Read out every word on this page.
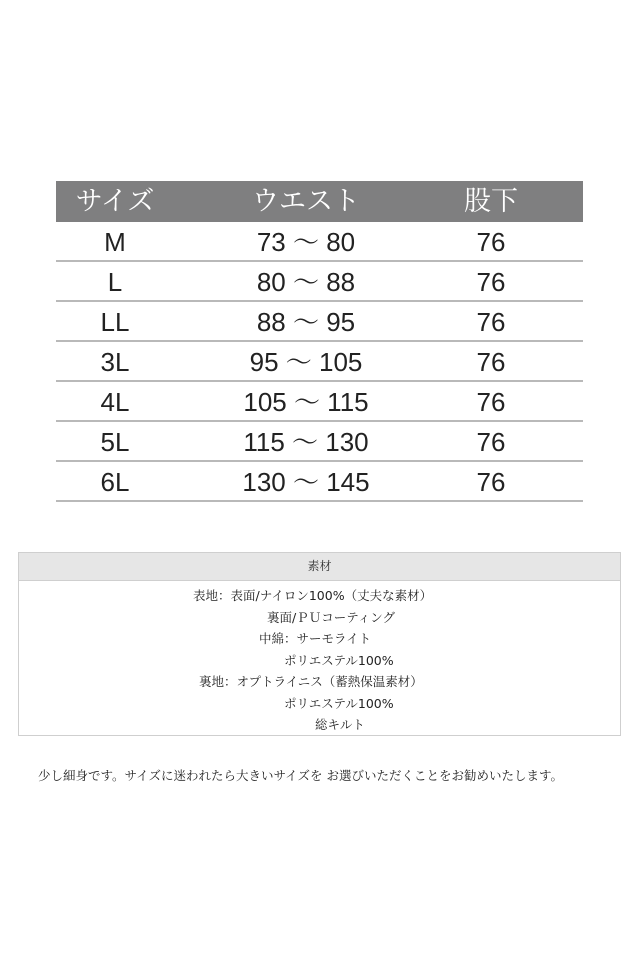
サイズ	ウエスト	股下
M	73 〜 80	76
L	80 〜 88	76
LL	88 〜 95	76
3L	95 〜 105	76
4L	105 〜 115	76
5L	115 〜 130	76
6L	130 〜 145	76
素材
表地：表面/ナイロン100%（丈夫な素材）
裏面/ＰＵコーティング
中綿：サーモライト
ポリエステル100%
裏地：オプトライニス（蓄熱保温素材）
ポリエステル100%
総キルト
少し細身です。サイズに迷われたら大きいサイズを お選びいただくことをお勧めいたします。
